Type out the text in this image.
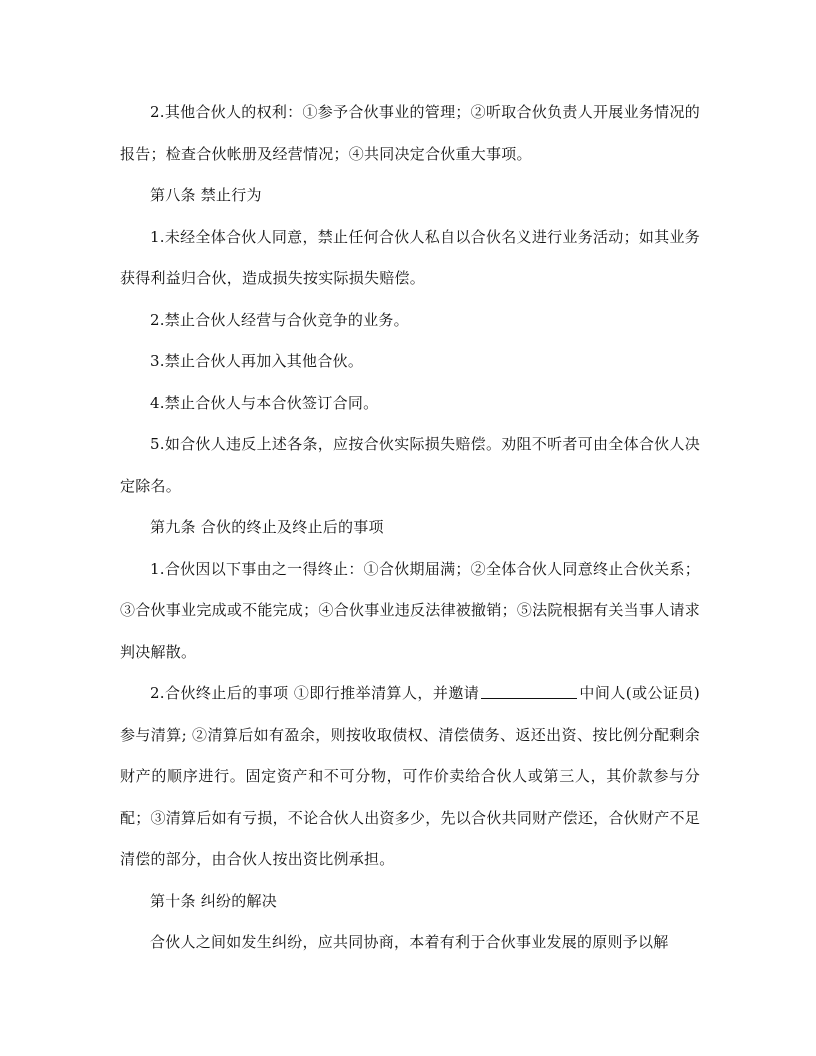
2.其他合伙人的权利：①参予合伙事业的管理；②听取合伙负责人开展业务情况的报告；检查合伙帐册及经营情况；④共同决定合伙重大事项。

第八条 禁止行为

1.未经全体合伙人同意，禁止任何合伙人私自以合伙名义进行业务活动；如其业务获得利益归合伙，造成损失按实际损失赔偿。

2.禁止合伙人经营与合伙竞争的业务。

3.禁止合伙人再加入其他合伙。

4.禁止合伙人与本合伙签订合同。

5.如合伙人违反上述各条，应按合伙实际损失赔偿。劝阻不听者可由全体合伙人决定除名。

第九条 合伙的终止及终止后的事项

1.合伙因以下事由之一得终止：①合伙期届满；②全体合伙人同意终止合伙关系；③合伙事业完成或不能完成；④合伙事业违反法律被撤销；⑤法院根据有关当事人请求判决解散。

2.合伙终止后的事项 ①即行推举清算人，并邀请	中间人(或公证员)参与清算; ②清算后如有盈余，则按收取债权、清偿债务、返还出资、按比例分配剩余财产的顺序进行。固定资产和不可分物，可作价卖给合伙人或第三人，其价款参与分配；③清算后如有亏损，不论合伙人出资多少，先以合伙共同财产偿还，合伙财产不足清偿的部分，由合伙人按出资比例承担。

第十条 纠纷的解决

合伙人之间如发生纠纷，应共同协商，本着有利于合伙事业发展的原则予以解
